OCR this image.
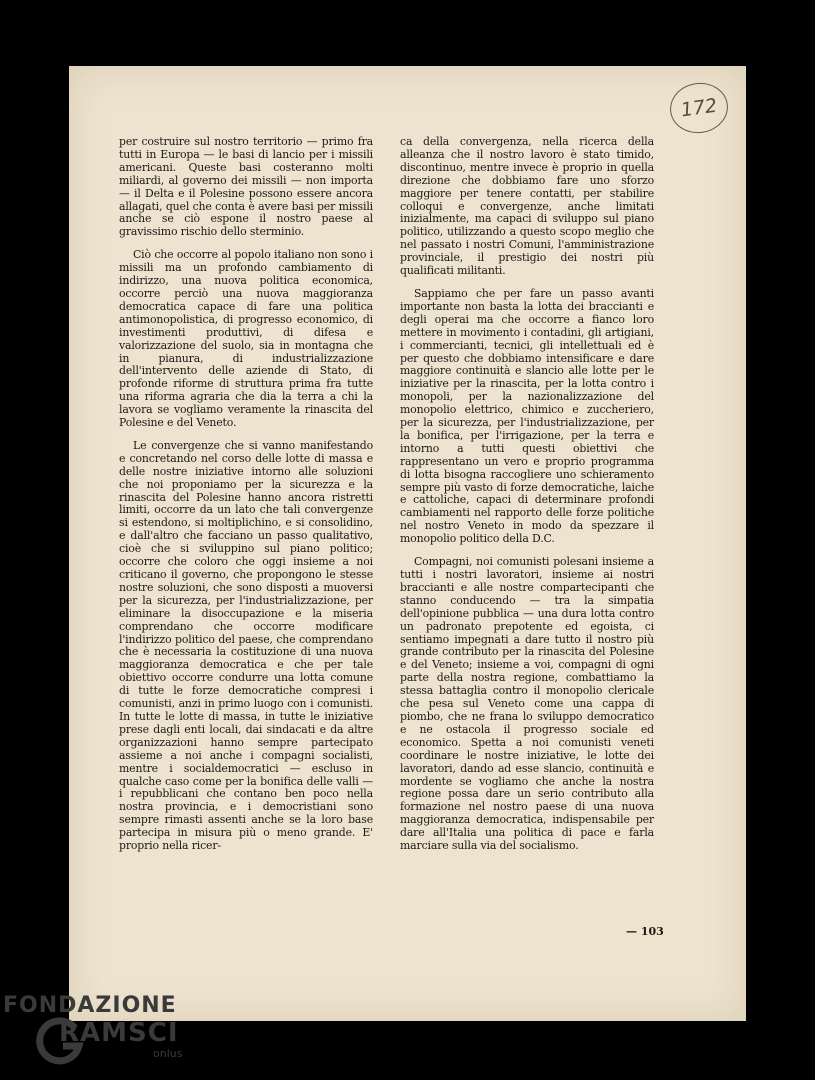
172

per costruire sul nostro territorio — primo fra tutti in Europa — le basi di lancio per i missili americani. Queste basi costeranno molti miliardi, al governo dei missili — non importa — il Delta e il Polesine possono essere ancora allagati, quel che conta è avere basi per missili anche se ciò espone il nostro paese al gravissimo rischio dello sterminio.

Ciò che occorre al popolo italiano non sono i missili ma un profondo cambiamento di indirizzo, una nuova politica economica, occorre perciò una nuova maggioranza democratica capace di fare una politica antimonopolistica, di progresso economico, di investimenti produttivi, di difesa e valorizzazione del suolo, sia in montagna che in pianura, di industrializzazione dell'intervento delle aziende di Stato, di profonde riforme di struttura prima fra tutte una riforma agraria che dia la terra a chi la lavora se vogliamo veramente la rinascita del Polesine e del Veneto.

Le convergenze che si vanno manifestando e concretando nel corso delle lotte di massa e delle nostre iniziative intorno alle soluzioni che noi proponiamo per la sicurezza e la rinascita del Polesine hanno ancora ristretti limiti, occorre da un lato che tali convergenze si estendono, si moltiplichino, e si consolidino, e dall'altro che facciano un passo qualitativo, cioè che si sviluppino sul piano politico; occorre che coloro che oggi insieme a noi criticano il governo, che propongono le stesse nostre soluzioni, che sono disposti a muoversi per la sicurezza, per l'industrializzazione, per eliminare la disoccupazione e la miseria comprendano che occorre modificare l'indirizzo politico del paese, che comprendano che è necessaria la costituzione di una nuova maggioranza democratica e che per tale obiettivo occorre condurre una lotta comune di tutte le forze democratiche compresi i comunisti, anzi in primo luogo con i comunisti. In tutte le lotte di massa, in tutte le iniziative prese dagli enti locali, dai sindacati e da altre organizzazioni hanno sempre partecipato assieme a noi anche i compagni socialisti, mentre i socialdemocratici — escluso in qualche caso come per la bonifica delle valli — i repubblicani che contano ben poco nella nostra provincia, e i democristiani sono sempre rimasti assenti anche se la loro base partecipa in misura più o meno grande. E' proprio nella ricer-

ca della convergenza, nella ricerca della alleanza che il nostro lavoro è stato timido, discontinuo, mentre invece è proprio in quella direzione che dobbiamo fare uno sforzo maggiore per tenere contatti, per stabilire colloqui e convergenze, anche limitati inizialmente, ma capaci di sviluppo sul piano politico, utilizzando a questo scopo meglio che nel passato i nostri Comuni, l'amministrazione provinciale, il prestigio dei nostri più qualificati militanti.

Sappiamo che per fare un passo avanti importante non basta la lotta dei braccianti e degli operai ma che occorre a fianco loro mettere in movimento i contadini, gli artigiani, i commercianti, tecnici, gli intellettuali ed è per questo che dobbiamo intensificare e dare maggiore continuità e slancio alle lotte per le iniziative per la rinascita, per la lotta contro i monopoli, per la nazionalizzazione del monopolio elettrico, chimico e zuccheriero, per la sicurezza, per l'industrializzazione, per la bonifica, per l'irrigazione, per la terra e intorno a tutti questi obiettivi che rappresentano un vero e proprio programma di lotta bisogna raccogliere uno schieramento sempre più vasto di forze democratiche, laiche e cattoliche, capaci di determinare profondi cambiamenti nel rapporto delle forze politiche nel nostro Veneto in modo da spezzare il monopolio politico della D.C.

Compagni, noi comunisti polesani insieme a tutti i nostri lavoratori, insieme ai nostri braccianti e alle nostre compartecipanti che stanno conducendo — tra la simpatia dell'opinione pubblica — una dura lotta contro un padronato prepotente ed egoista, ci sentiamo impegnati a dare tutto il nostro più grande contributo per la rinascita del Polesine e del Veneto; insieme a voi, compagni di ogni parte della nostra regione, combattiamo la stessa battaglia contro il monopolio clericale che pesa sul Veneto come una cappa di piombo, che ne frana lo sviluppo democratico e ne ostacola il progresso sociale ed economico. Spetta a noi comunisti veneti coordinare le nostre iniziative, le lotte dei lavoratori, dando ad esse slancio, continuità e mordente se vogliamo che anche la nostra regione possa dare un serio contributo alla formazione nel nostro paese di una nuova maggioranza democratica, indispensabile per dare all'Italia una politica di pace e farla marciare sulla via del socialismo.

— 103
FONDAZIONE
RAMSCI
onlus
